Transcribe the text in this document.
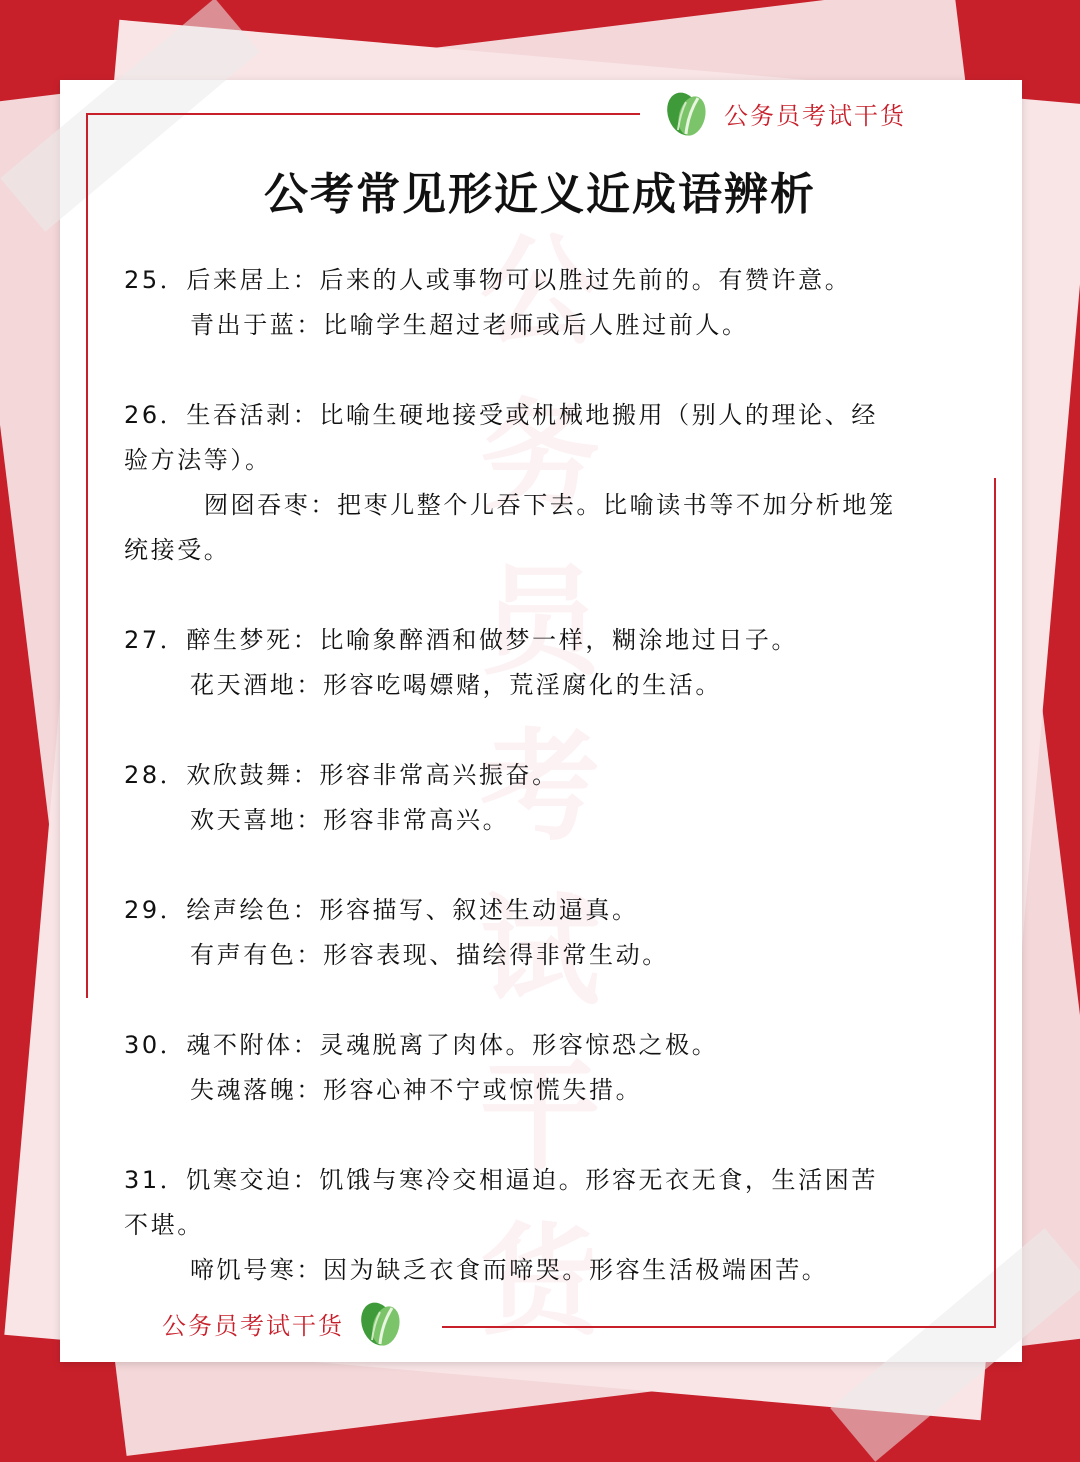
公务员考试干货
公务员考试干货
公考常见形近义近成语辨析
25．后来居上：后来的人或事物可以胜过先前的。有赞许意。
青出于蓝：比喻学生超过老师或后人胜过前人。
26．生吞活剥：比喻生硬地接受或机械地搬用（别人的理论、经
验方法等）。
囫囵吞枣：把枣儿整个儿吞下去。比喻读书等不加分析地笼
统接受。
27．醉生梦死：比喻象醉酒和做梦一样，糊涂地过日子。
花天酒地：形容吃喝嫖赌，荒淫腐化的生活。
28．欢欣鼓舞：形容非常高兴振奋。
欢天喜地：形容非常高兴。
29．绘声绘色：形容描写、叙述生动逼真。
有声有色：形容表现、描绘得非常生动。
30．魂不附体：灵魂脱离了肉体。形容惊恐之极。
失魂落魄：形容心神不宁或惊慌失措。
31．饥寒交迫：饥饿与寒冷交相逼迫。形容无衣无食，生活困苦
不堪。
啼饥号寒：因为缺乏衣食而啼哭。形容生活极端困苦。
公务员考试干货
